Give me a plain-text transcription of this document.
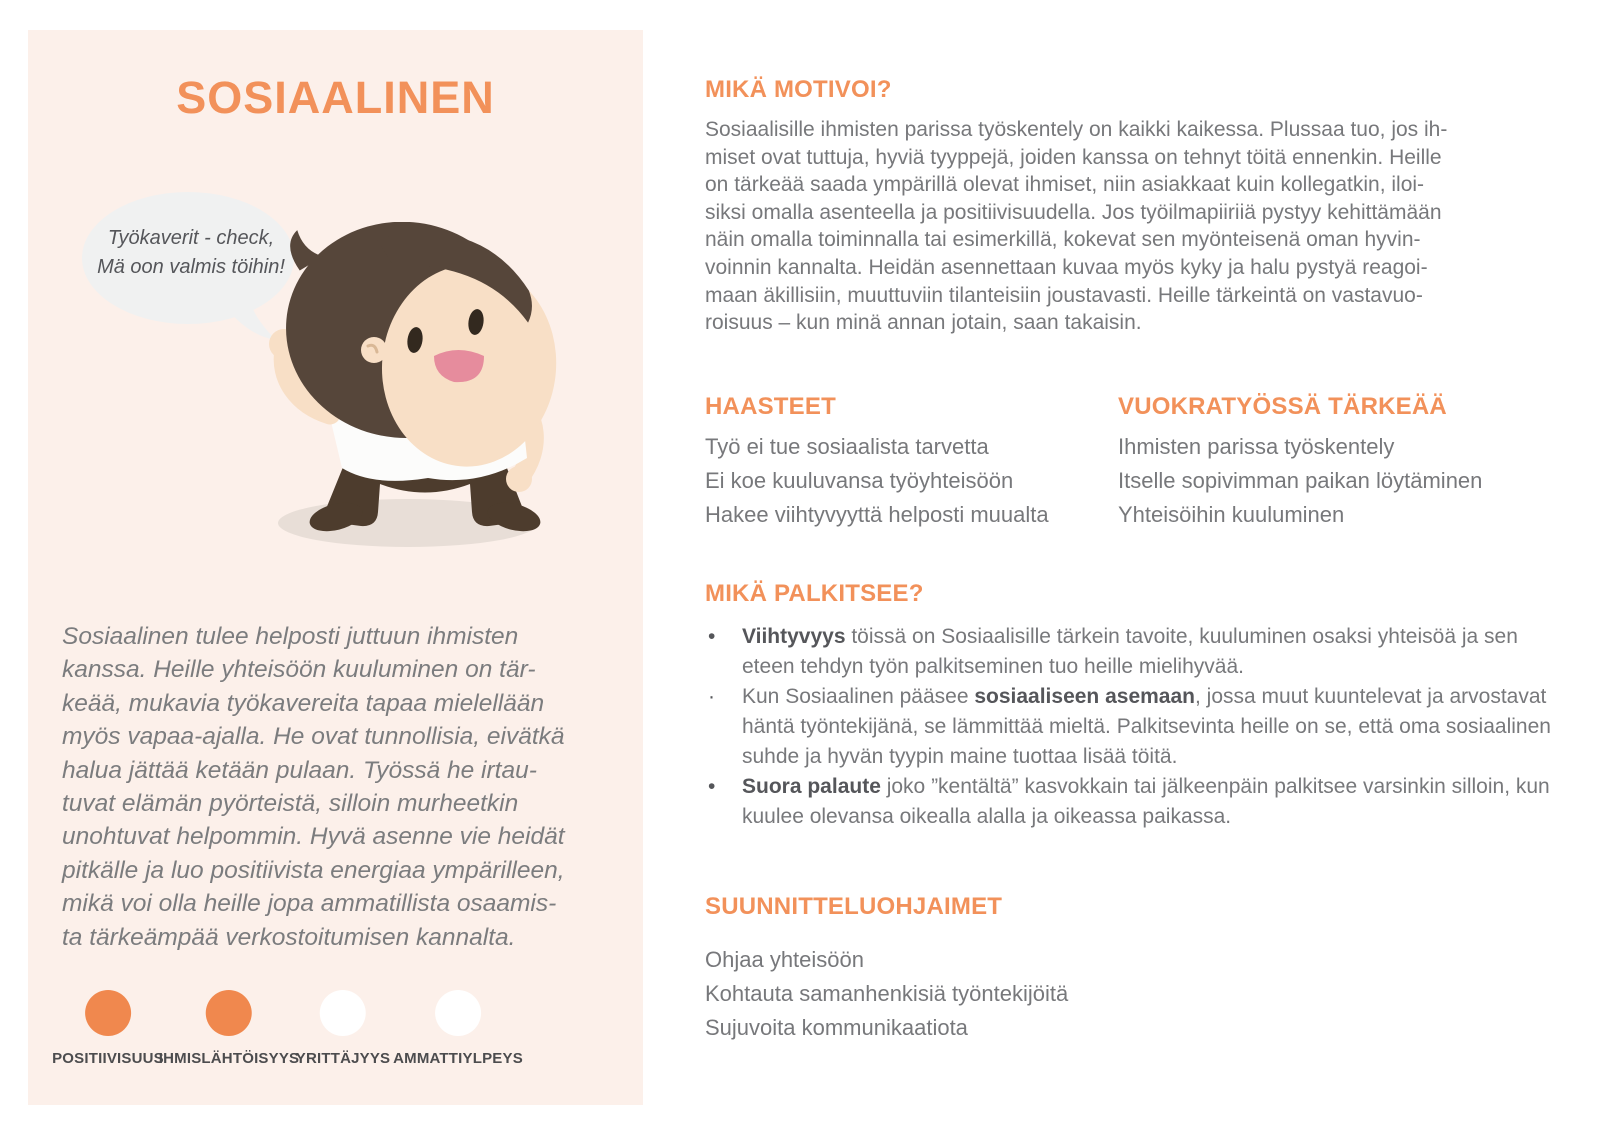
SOSIAALINEN
Työkaverit - check,
Mä oon valmis töihin!
Sosiaalinen tulee helposti juttuun ihmisten
kanssa. Heille yhteisöön kuuluminen on tär-
keää, mukavia työkavereita tapaa mielellään
myös vapaa-ajalla. He ovat tunnollisia, eivätkä
halua jättää ketään pulaan. Työssä he irtau-
tuvat elämän pyörteistä, silloin murheetkin
unohtuvat helpommin. Hyvä asenne vie heidät
pitkälle ja luo positiivista energiaa ympärilleen,
mikä voi olla heille jopa ammatillista osaamis-
ta tärkeämpää verkostoitumisen kannalta.
POSITIIVISUUS
IHMISLÄHTÖISYYS
YRITTÄJYYS AMMATTIYLPEYS
MIKÄ MOTIVOI?
Sosiaalisille ihmisten parissa työskentely on kaikki kaikessa. Plussaa tuo, jos ih-
miset ovat tuttuja, hyviä tyyppejä, joiden kanssa on tehnyt töitä ennenkin. Heille
on tärkeää saada ympärillä olevat ihmiset, niin asiakkaat kuin kollegatkin, iloi-
siksi omalla asenteella ja positiivisuudella. Jos työilmapiiriiä pystyy kehittämään
näin omalla toiminnalla tai esimerkillä, kokevat sen myönteisenä oman hyvin-
voinnin kannalta. Heidän asennettaan kuvaa myös kyky ja halu pystyä reagoi-
maan äkillisiin, muuttuviin tilanteisiin joustavasti. Heille tärkeintä on vastavuo-
roisuus – kun minä annan jotain, saan takaisin.
HAASTEET
Työ ei tue sosiaalista tarvetta
Ei koe kuuluvansa työyhteisöön
Hakee viihtyvyyttä helposti muualta
VUOKRATYÖSSÄ TÄRKEÄÄ
Ihmisten parissa työskentely
Itselle sopivimman paikan löytäminen
Yhteisöihin kuuluminen
MIKÄ PALKITSEE?
•	Viihtyvyys töissä on Sosiaalisille tärkein tavoite, kuuluminen osaksi yhteisöä ja sen eteen tehdyn työn palkitseminen tuo heille mielihyvää.
·	Kun Sosiaalinen pääsee sosiaaliseen asemaan, jossa muut kuuntelevat ja arvostavat häntä työntekijänä, se lämmittää mieltä. Palkitsevinta heille on se, että oma sosiaalinen suhde ja hyvän tyypin maine tuottaa lisää töitä.
•	Suora palaute joko ”kentältä” kasvokkain tai jälkeenpäin palkitsee varsinkin silloin, kun kuulee olevansa oikealla alalla ja oikeassa paikassa.
SUUNNITTELUOHJAIMET
Ohjaa yhteisöön
Kohtauta samanhenkisiä työntekijöitä
Sujuvoita kommunikaatiota
